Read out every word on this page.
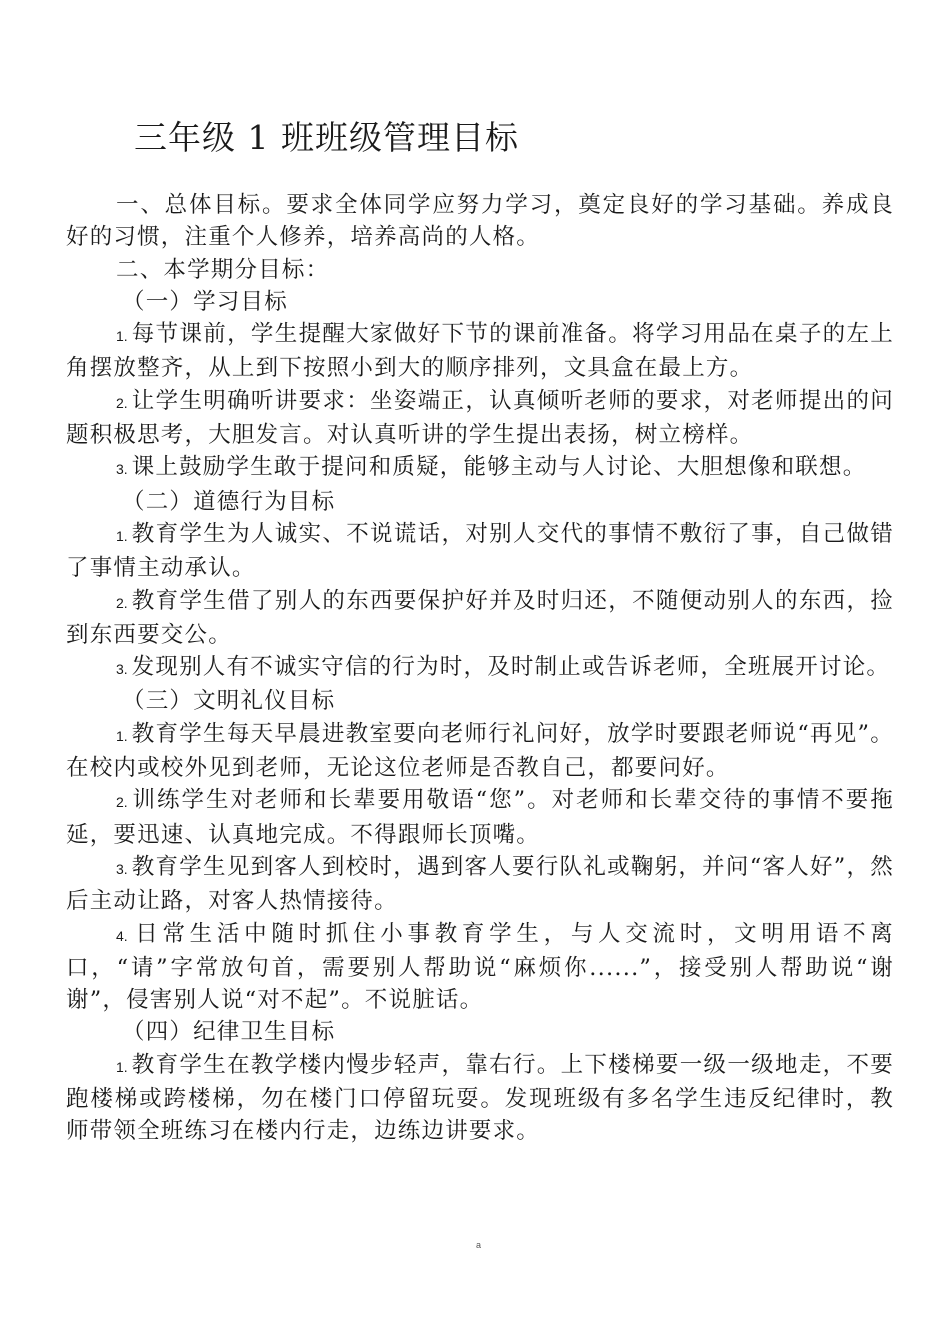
三年级 1 班班级管理目标

一、总体目标。要求全体同学应努力学习，奠定良好的学习基础。养成良好的习惯，注重个人修养，培养高尚的人格。

二、本学期分目标：

（一）学习目标

1. 每节课前，学生提醒大家做好下节的课前准备。将学习用品在桌子的左上角摆放整齐，从上到下按照小到大的顺序排列，文具盒在最上方。

2. 让学生明确听讲要求：坐姿端正，认真倾听老师的要求，对老师提出的问题积极思考，大胆发言。对认真听讲的学生提出表扬，树立榜样。

3. 课上鼓励学生敢于提问和质疑，能够主动与人讨论、大胆想像和联想。

（二）道德行为目标

1. 教育学生为人诚实、不说谎话，对别人交代的事情不敷衍了事，自己做错了事情主动承认。

2. 教育学生借了别人的东西要保护好并及时归还，不随便动别人的东西，捡到东西要交公。

3. 发现别人有不诚实守信的行为时，及时制止或告诉老师，全班展开讨论。

（三）文明礼仪目标

1. 教育学生每天早晨进教室要向老师行礼问好，放学时要跟老师说“再见”。在校内或校外见到老师，无论这位老师是否教自己，都要问好。

2. 训练学生对老师和长辈要用敬语“您”。对老师和长辈交待的事情不要拖延，要迅速、认真地完成。不得跟师长顶嘴。

3. 教育学生见到客人到校时，遇到客人要行队礼或鞠躬，并问“客人好”，然后主动让路，对客人热情接待。

4. 日常生活中随时抓住小事教育学生，与人交流时，文明用语不离口，“请”字常放句首，需要别人帮助说“麻烦你......”，接受别人帮助说“谢谢”，侵害别人说“对不起”。不说脏话。

（四）纪律卫生目标

1. 教育学生在教学楼内慢步轻声，靠右行。上下楼梯要一级一级地走，不要跑楼梯或跨楼梯，勿在楼门口停留玩耍。发现班级有多名学生违反纪律时，教师带领全班练习在楼内行走，边练边讲要求。

a
